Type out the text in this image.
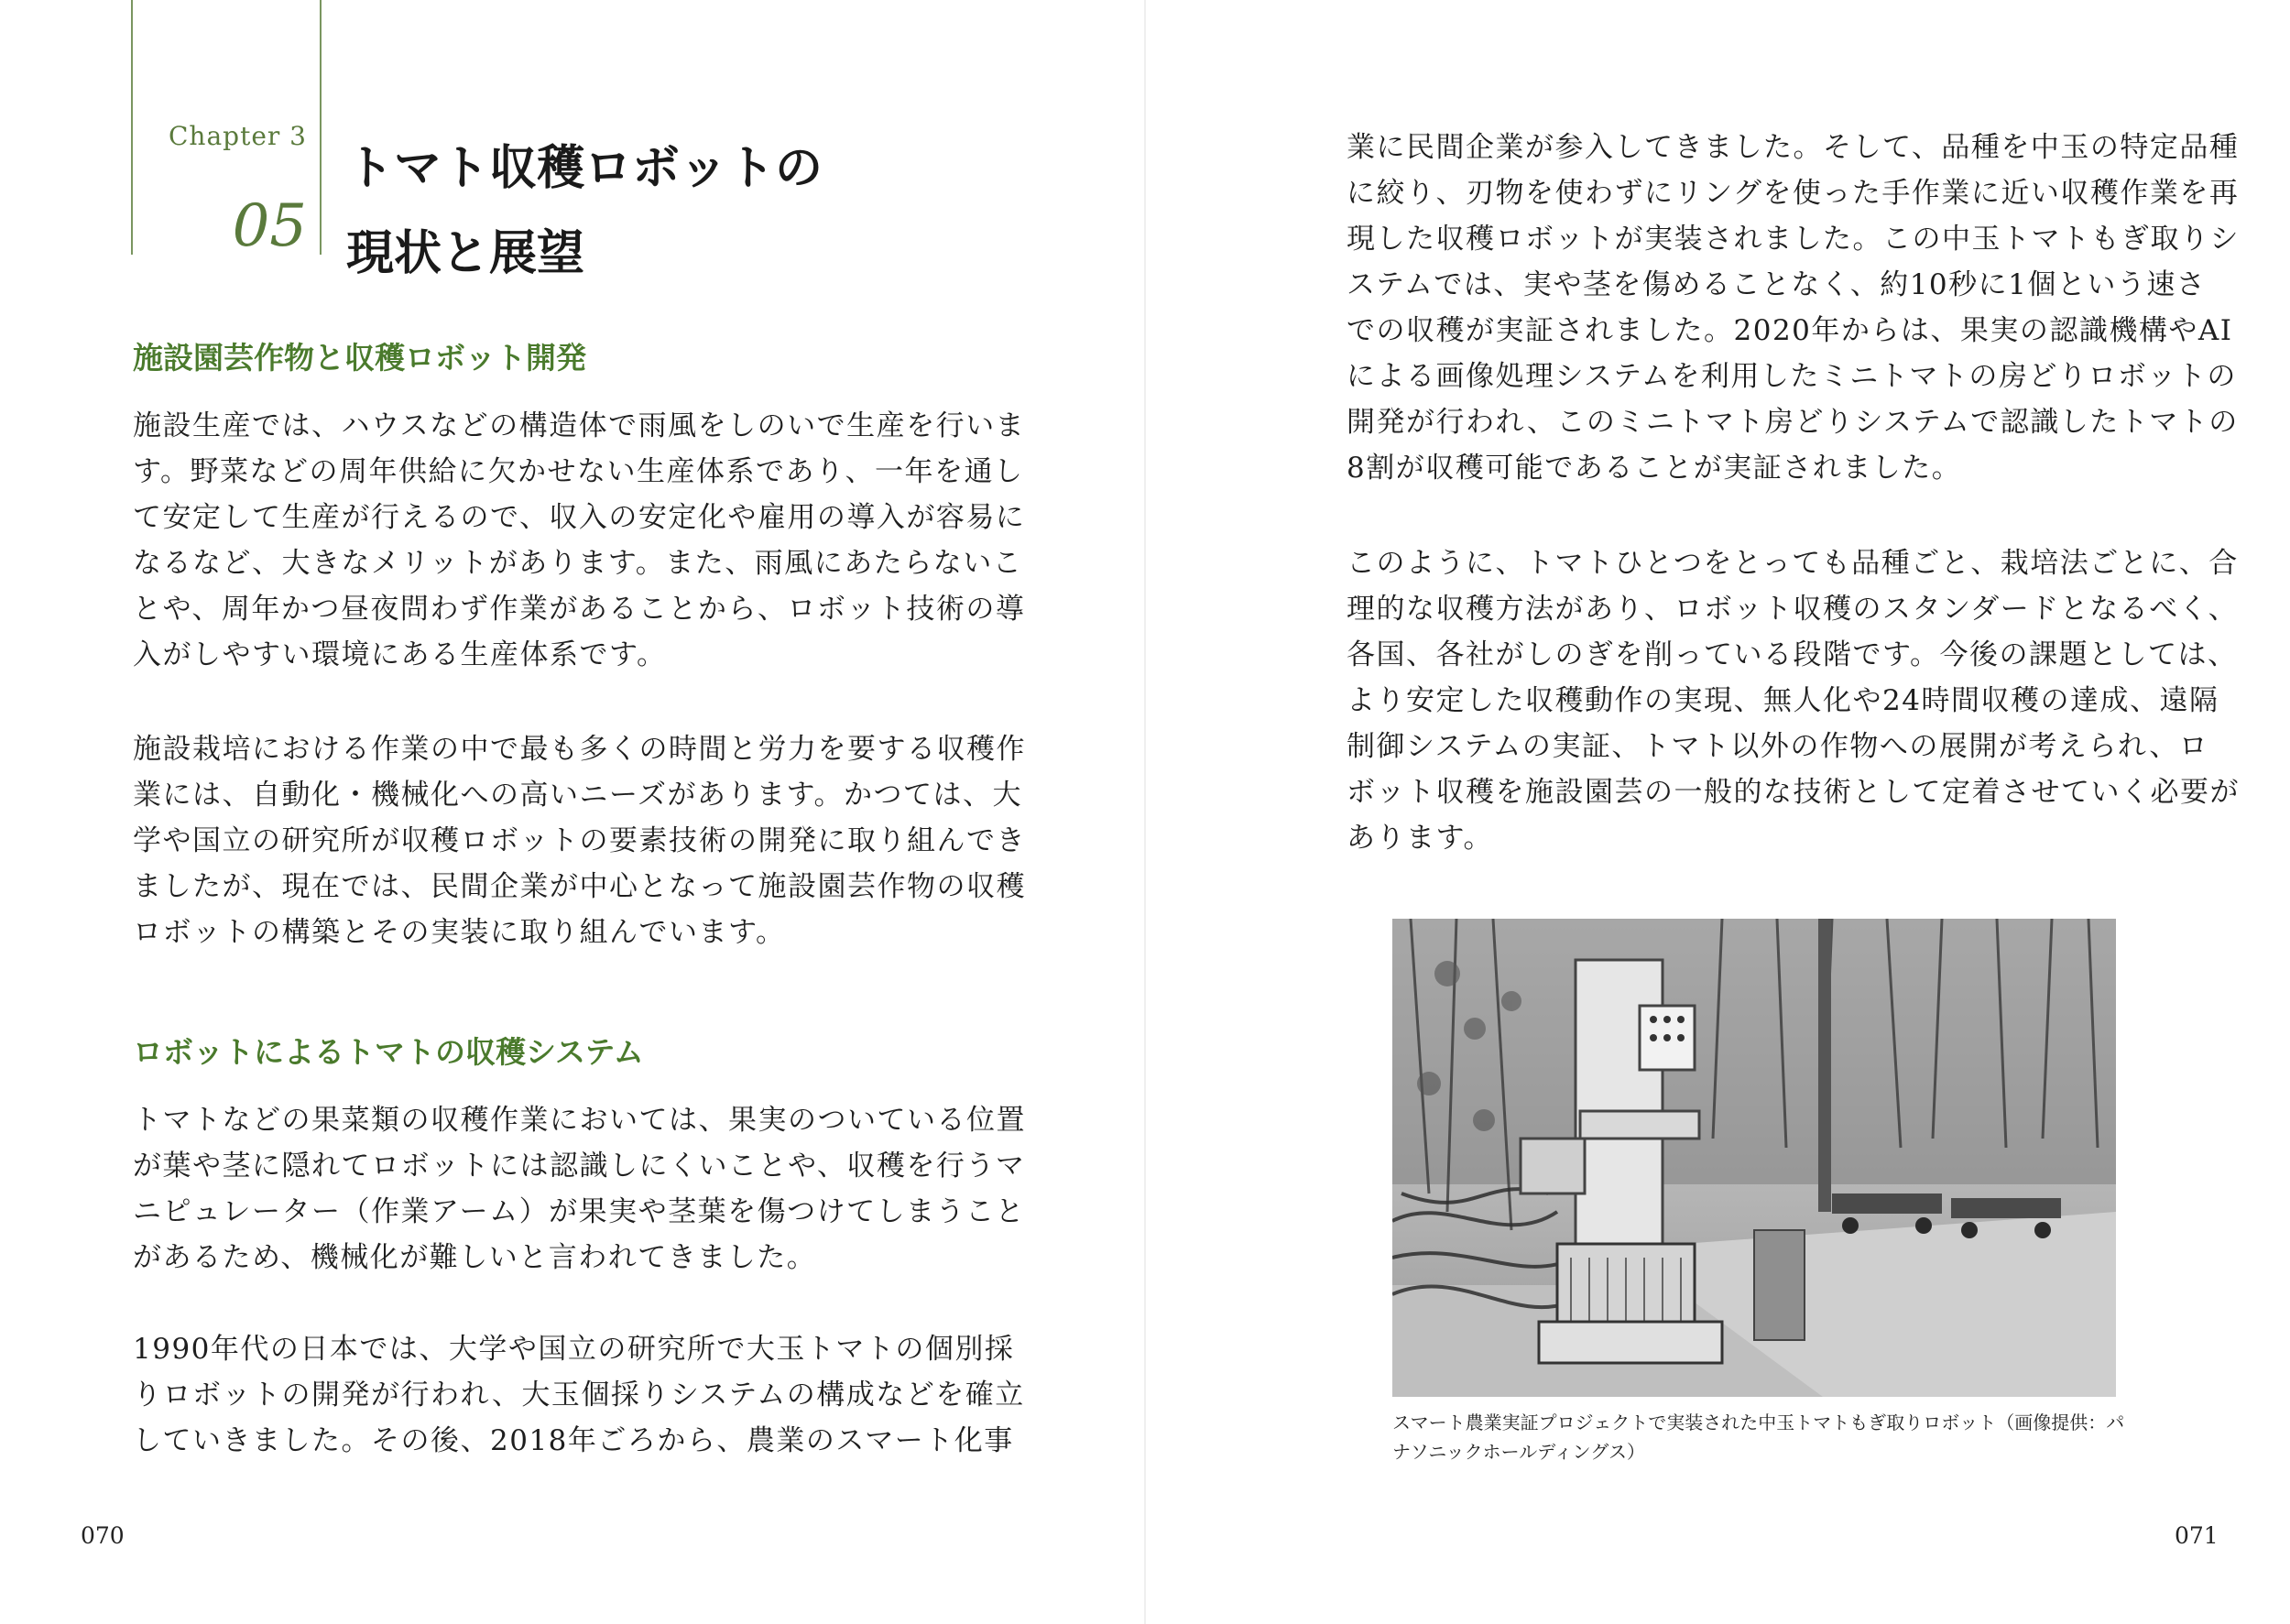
Chapter 3
05
トマト収穫ロボットの
現状と展望
施設園芸作物と収穫ロボット開発

施設生産では、ハウスなどの構造体で雨風をしのいで生産を行いま
す。野菜などの周年供給に欠かせない生産体系であり、一年を通し
て安定して生産が行えるので、収入の安定化や雇用の導入が容易に
なるなど、大きなメリットがあります。また、雨風にあたらないこ
とや、周年かつ昼夜問わず作業があることから、ロボット技術の導
入がしやすい環境にある生産体系です。

施設栽培における作業の中で最も多くの時間と労力を要する収穫作
業には、自動化・機械化への高いニーズがあります。かつては、大
学や国立の研究所が収穫ロボットの要素技術の開発に取り組んでき
ましたが、現在では、民間企業が中心となって施設園芸作物の収穫
ロボットの構築とその実装に取り組んでいます。

ロボットによるトマトの収穫システム

トマトなどの果菜類の収穫作業においては、果実のついている位置
が葉や茎に隠れてロボットには認識しにくいことや、収穫を行うマ
ニピュレーター（作業アーム）が果実や茎葉を傷つけてしまうこと
があるため、機械化が難しいと言われてきました。

1990年代の日本では、大学や国立の研究所で大玉トマトの個別採
りロボットの開発が行われ、大玉個採りシステムの構成などを確立
していきました。その後、2018年ごろから、農業のスマート化事

070

業に民間企業が参入してきました。そして、品種を中玉の特定品種
に絞り、刃物を使わずにリングを使った手作業に近い収穫作業を再
現した収穫ロボットが実装されました。この中玉トマトもぎ取りシ
ステムでは、実や茎を傷めることなく、約10秒に1個という速さ
での収穫が実証されました。2020年からは、果実の認識機構やAI
による画像処理システムを利用したミニトマトの房どりロボットの
開発が行われ、このミニトマト房どりシステムで認識したトマトの
8割が収穫可能であることが実証されました。

このように、トマトひとつをとっても品種ごと、栽培法ごとに、合
理的な収穫方法があり、ロボット収穫のスタンダードとなるべく、
各国、各社がしのぎを削っている段階です。今後の課題としては、
より安定した収穫動作の実現、無人化や24時間収穫の達成、遠隔
制御システムの実証、トマト以外の作物への展開が考えられ、ロ
ボット収穫を施設園芸の一般的な技術として定着させていく必要が
あります。

スマート農業実証プロジェクトで実装された中玉トマトもぎ取りロボット（画像提供：パ
ナソニックホールディングス）

071
